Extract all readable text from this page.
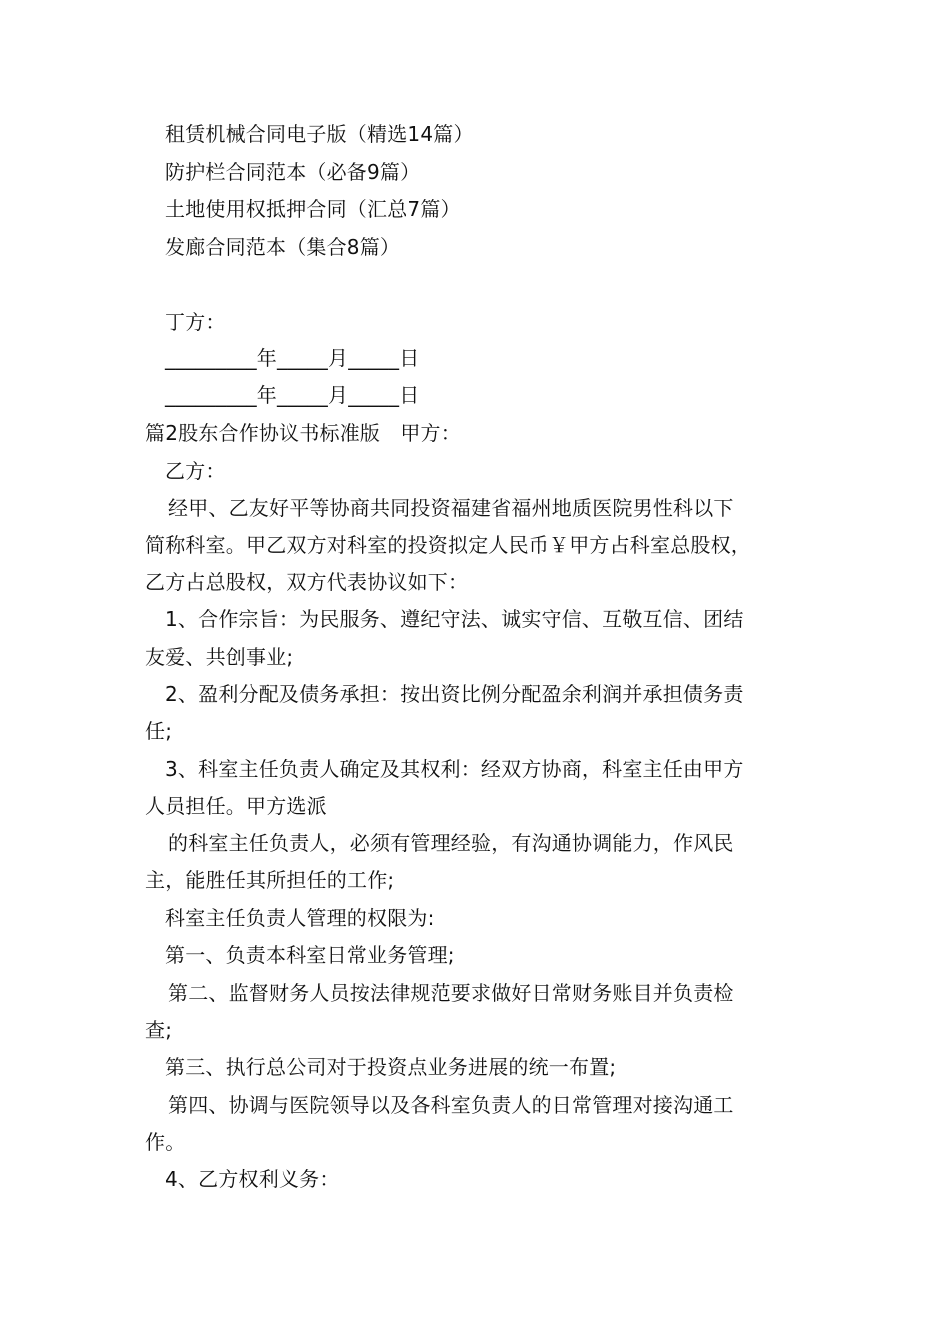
租赁机械合同电子版（精选14篇）
防护栏合同范本（必备9篇）
土地使用权抵押合同（汇总7篇）
发廊合同范本（集合8篇）
丁方：
_________年_____月_____日
_________年_____月_____日
篇2股东合作协议书标准版　甲方：
乙方：
经甲、乙友好平等协商共同投资福建省福州地质医院男性科以下
简称科室。甲乙双方对科室的投资拟定人民币￥甲方占科室总股权，
乙方占总股权，双方代表协议如下：
1、合作宗旨：为民服务、遵纪守法、诚实守信、互敬互信、团结
友爱、共创事业;
2、盈利分配及债务承担：按出资比例分配盈余利润并承担债务责
任;
3、科室主任负责人确定及其权利：经双方协商，科室主任由甲方
人员担任。甲方选派
的科室主任负责人，必须有管理经验，有沟通协调能力，作风民
主，能胜任其所担任的工作;
科室主任负责人管理的权限为:
第一、负责本科室日常业务管理;
第二、监督财务人员按法律规范要求做好日常财务账目并负责检
查;
第三、执行总公司对于投资点业务进展的统一布置;
第四、协调与医院领导以及各科室负责人的日常管理对接沟通工
作。
4、乙方权利义务：
